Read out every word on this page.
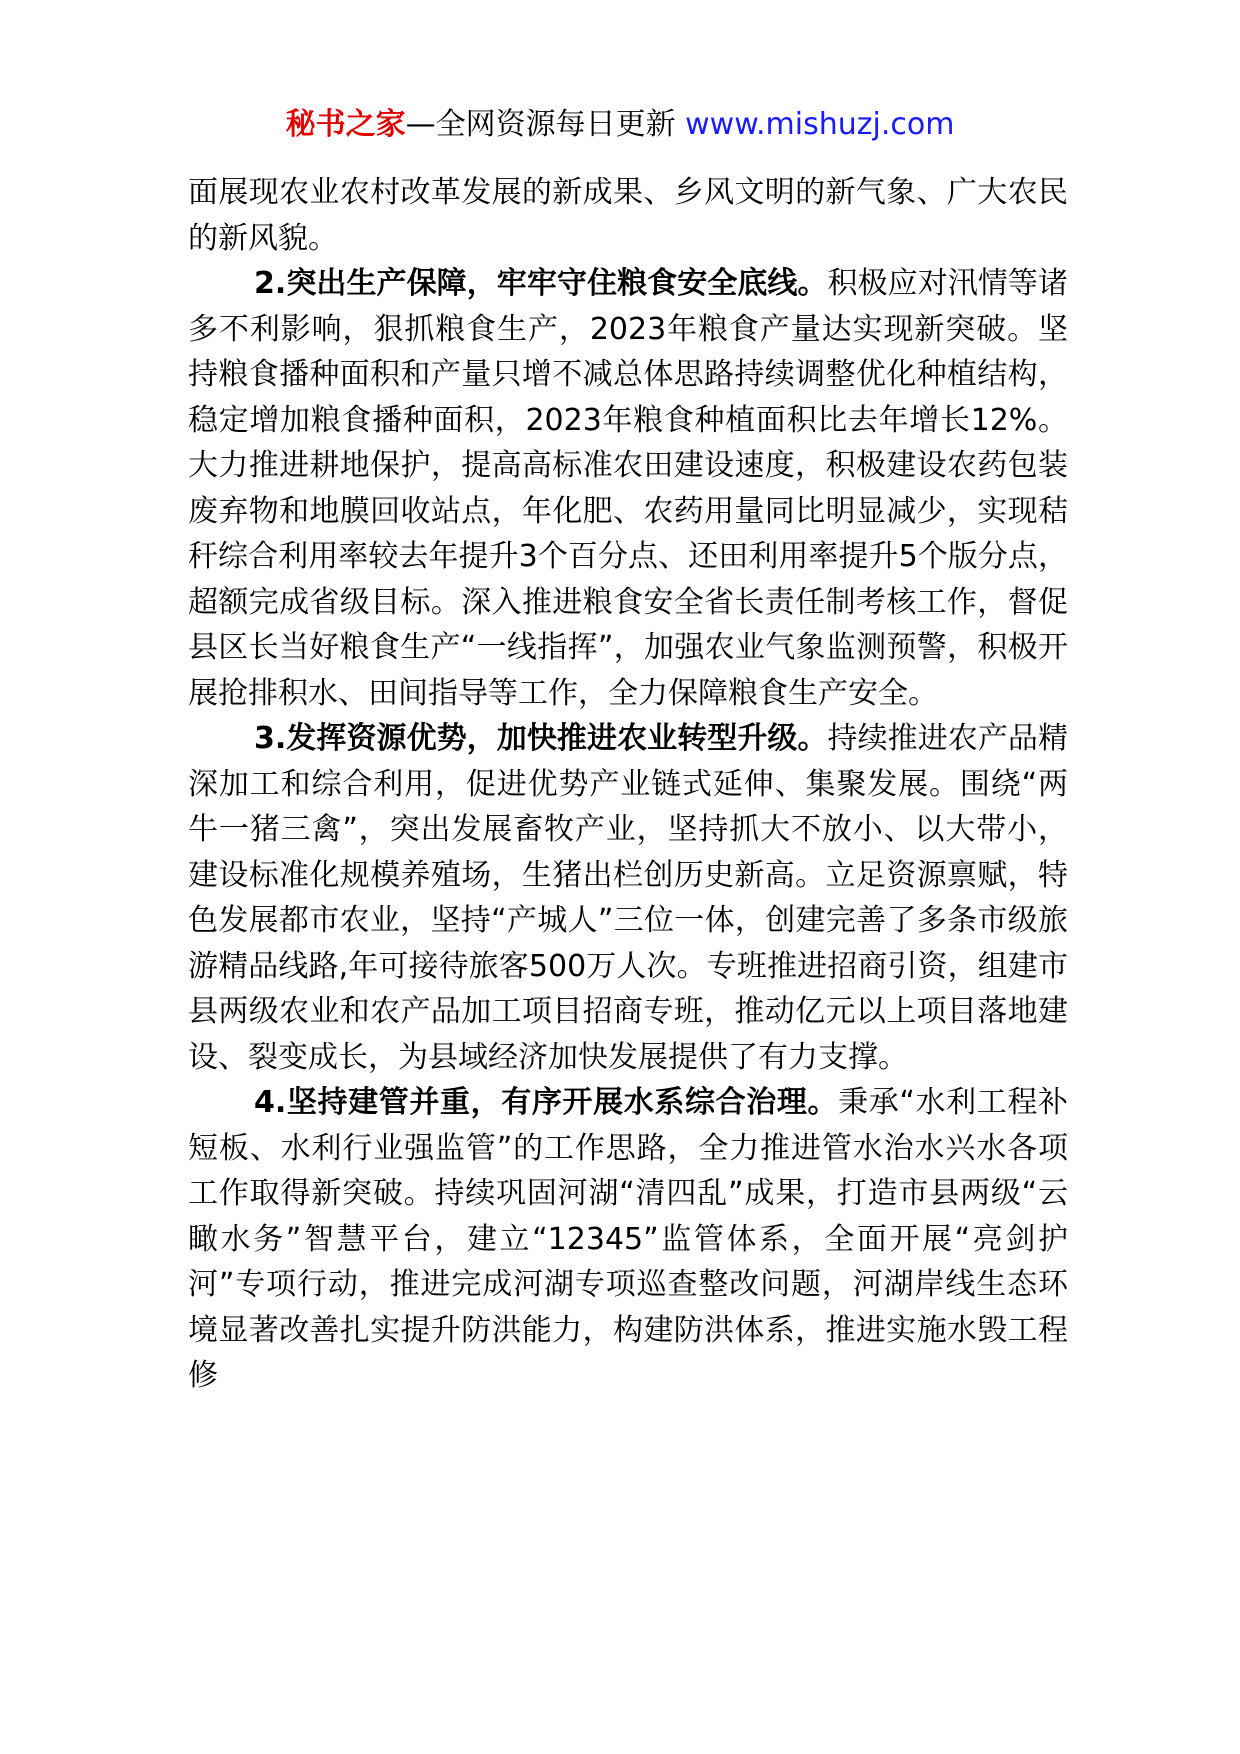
秘书之家—全网资源每日更新 www.mishuzj.com

面展现农业农村改革发展的新成果、乡风文明的新气象、广大农民的新风貌。

2.突出生产保障，牢牢守住粮食安全底线。积极应对汛情等诸多不利影响，狠抓粮食生产，2023年粮食产量达实现新突破。坚持粮食播种面积和产量只增不减总体思路持续调整优化种植结构，稳定增加粮食播种面积，2023年粮食种植面积比去年增长12%。大力推进耕地保护，提高高标准农田建设速度，积极建设农药包装废弃物和地膜回收站点，年化肥、农药用量同比明显减少，实现秸秆综合利用率较去年提升3个百分点、还田利用率提升5个版分点，超额完成省级目标。深入推进粮食安全省长责任制考核工作，督促县区长当好粮食生产“一线指挥”，加强农业气象监测预警，积极开展抢排积水、田间指导等工作，全力保障粮食生产安全。

3.发挥资源优势，加快推进农业转型升级。持续推进农产品精深加工和综合利用，促进优势产业链式延伸、集聚发展。围绕“两牛一猪三禽”，突出发展畜牧产业，坚持抓大不放小、以大带小，建设标准化规模养殖场，生猪出栏创历史新高。立足资源禀赋，特色发展都市农业，坚持“产城人”三位一体，创建完善了多条市级旅游精品线路,年可接待旅客500万人次。专班推进招商引资，组建市县两级农业和农产品加工项目招商专班，推动亿元以上项目落地建设、裂变成长，为县域经济加快发展提供了有力支撑。

4.坚持建管并重，有序开展水系综合治理。秉承“水利工程补短板、水利行业强监管”的工作思路，全力推进管水治水兴水各项工作取得新突破。持续巩固河湖“清四乱”成果，打造市县两级“云瞰水务”智慧平台，建立“12345”监管体系，全面开展“亮剑护河”专项行动，推进完成河湖专项巡查整改问题，河湖岸线生态环境显著改善扎实提升防洪能力，构建防洪体系，推进实施水毁工程修
